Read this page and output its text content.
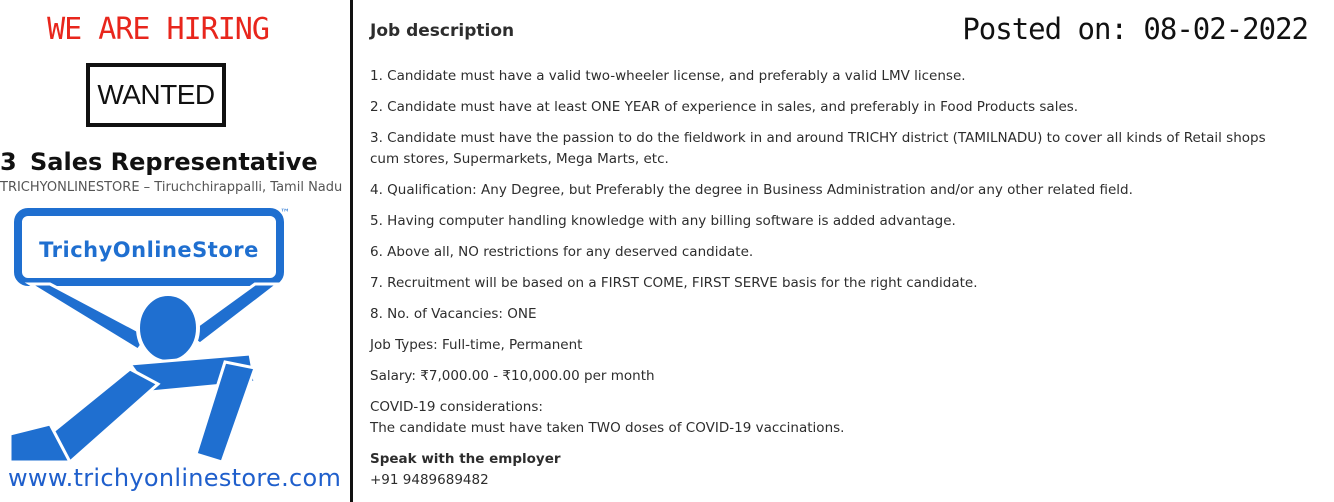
WE ARE HIRING
WANTED
3 Sales Representative
TRICHYONLINESTORE – Tiruchchirappalli, Tamil Nadu
TrichyOnlineStore
™
www.trichyonlinestore.com
Job description	Posted on: 08-02-2022

1. Candidate must have a valid two-wheeler license, and preferably a valid LMV license.

2. Candidate must have at least ONE YEAR of experience in sales, and preferably in Food Products sales.

3. Candidate must have the passion to do the fieldwork in and around TRICHY district (TAMILNADU) to cover all kinds of Retail shops cum stores, Supermarkets, Mega Marts, etc.

4. Qualification: Any Degree, but Preferably the degree in Business Administration and/or any other related field.

5. Having computer handling knowledge with any billing software is added advantage.

6. Above all, NO restrictions for any deserved candidate.

7. Recruitment will be based on a FIRST COME, FIRST SERVE basis for the right candidate.

8. No. of Vacancies: ONE

Job Types: Full-time, Permanent

Salary: ₹7,000.00 - ₹10,000.00 per month

COVID-19 considerations:
The candidate must have taken TWO doses of COVID-19 vaccinations.

Speak with the employer
+91 9489689482
